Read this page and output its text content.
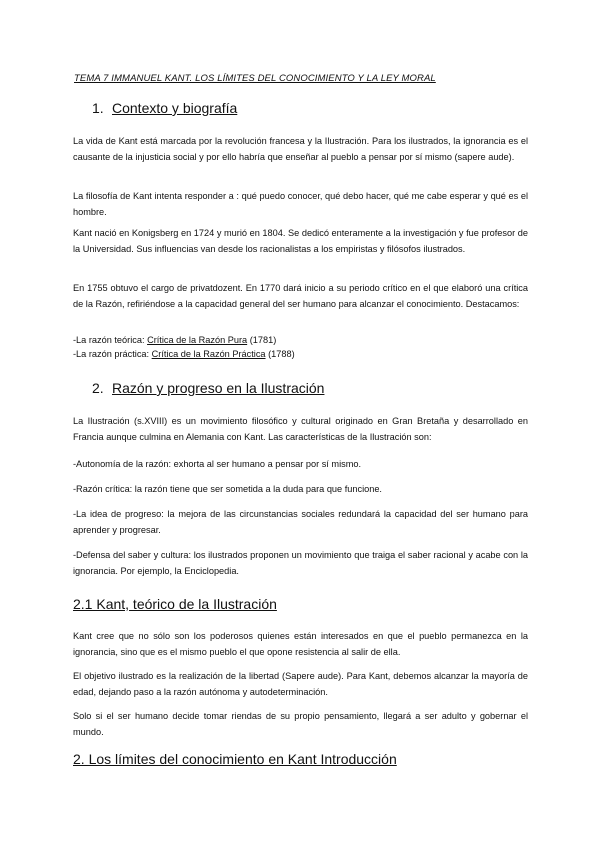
TEMA 7 IMMANUEL KANT. LOS LÍMITES DEL CONOCIMIENTO Y LA LEY MORAL
1. Contexto y biografía

La vida de Kant está marcada por la revolución francesa y la Ilustración. Para los ilustrados, la ignorancia es el causante de la injusticia social y por ello habría que enseñar al pueblo a pensar por sí mismo (sapere aude).

La filosofía de Kant intenta responder a : qué puedo conocer, qué debo hacer, qué me cabe esperar y qué es el hombre.

Kant nació en Konigsberg en 1724 y murió en 1804. Se dedicó enteramente a la investigación y fue profesor de la Universidad. Sus influencias van desde los racionalistas a los empiristas y filósofos ilustrados.

En 1755 obtuvo el cargo de privatdozent. En 1770 dará inicio a su periodo crítico en el que elaboró una crítica de la Razón, refiriéndose a la capacidad general del ser humano para alcanzar el conocimiento. Destacamos:

-La razón teórica: Crítica de la Razón Pura (1781)

-La razón práctica: Crítica de la Razón Práctica (1788)

2. Razón y progreso en la Ilustración

La Ilustración (s.XVIII) es un movimiento filosófico y cultural originado en Gran Bretaña y desarrollado en Francia aunque culmina en Alemania con Kant. Las características de la Ilustración son:

-Autonomía de la razón: exhorta al ser humano a pensar por sí mismo.

-Razón crítica: la razón tiene que ser sometida a la duda para que funcione.

-La idea de progreso: la mejora de las circunstancias sociales redundará la capacidad del ser humano para aprender y progresar.

-Defensa del saber y cultura: los ilustrados proponen un movimiento que traiga el saber racional y acabe con la ignorancia. Por ejemplo, la Enciclopedia.

2.1 Kant, teórico de la Ilustración

Kant cree que no sólo son los poderosos quienes están interesados en que el pueblo permanezca en la ignorancia, sino que es el mismo pueblo el que opone resistencia al salir de ella.

El objetivo ilustrado es la realización de la libertad (Sapere aude). Para Kant, debemos alcanzar la mayoría de edad, dejando paso a la razón autónoma y autodeterminación.

Solo si el ser humano decide tomar riendas de su propio pensamiento, llegará a ser adulto y gobernar el mundo.

2. Los límites del conocimiento en Kant Introducción
